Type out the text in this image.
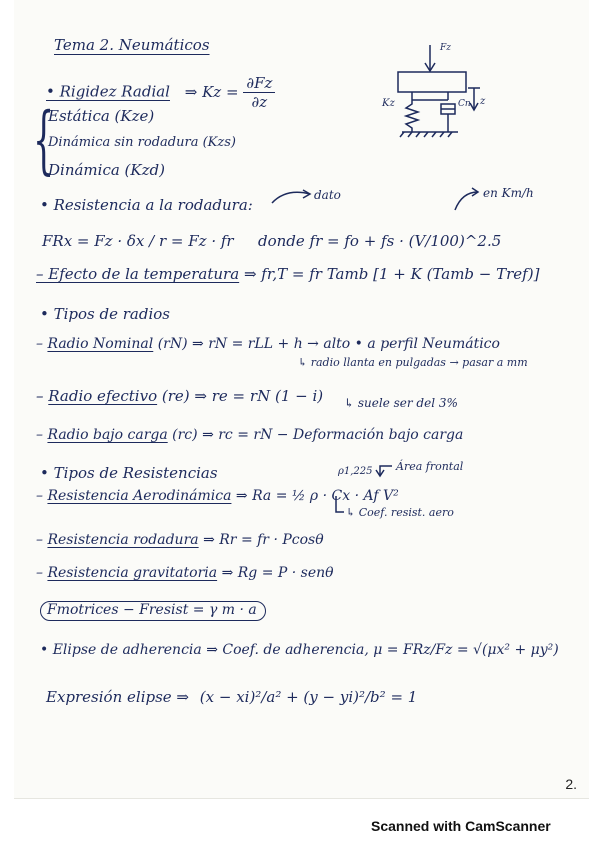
Fz
Kz	Cn z
Tema 2. Neumáticos
• Rigidez Radial ⇒ $Kz = \frac{\partial Fz}{\partial z}$
{
Estática (Kze)
Dinámica sin rodadura (Kzs)
Dinámica (Kzd)
• Resistencia a la rodadura:
dato	en Km/h
FRx = Fz · δx / r = Fz · fr donde fr = fo + fs · (V/100)^2.5
– Efecto de la temperatura ⇒ fr,T = fr Tamb [1 + K (Tamb − Tref)]
• Tipos de radios
– Radio Nominal (rN) ⇒ rN = rLL + h → alto • a perfil Neumático
↳ radio llanta en pulgadas → pasar a mm
– Radio efectivo (re) ⇒ re = rN (1 − i) ↳ suele ser del 3%
– Radio bajo carga (rc) ⇒ rc = rN − Deformación bajo carga
• Tipos de Resistencias	ρ1,225 Área frontal
– Resistencia Aerodinámica ⇒ Ra = ½ ρ · Cx · Af V²
↳ Coef. resist. aero
– Resistencia rodadura ⇒ Rr = fr · Pcosθ
– Resistencia gravitatoria ⇒ Rg = P · senθ
Fmotrices − Fresist = γ m · a
• Elipse de adherencia ⇒ Coef. de adherencia, μ = FRz/Fz = √(μx² + μy²)
Expresión elipse ⇒ (x − xi)²/a² + (y − yi)²/b² = 1
2.
Scanned with CamScanner
